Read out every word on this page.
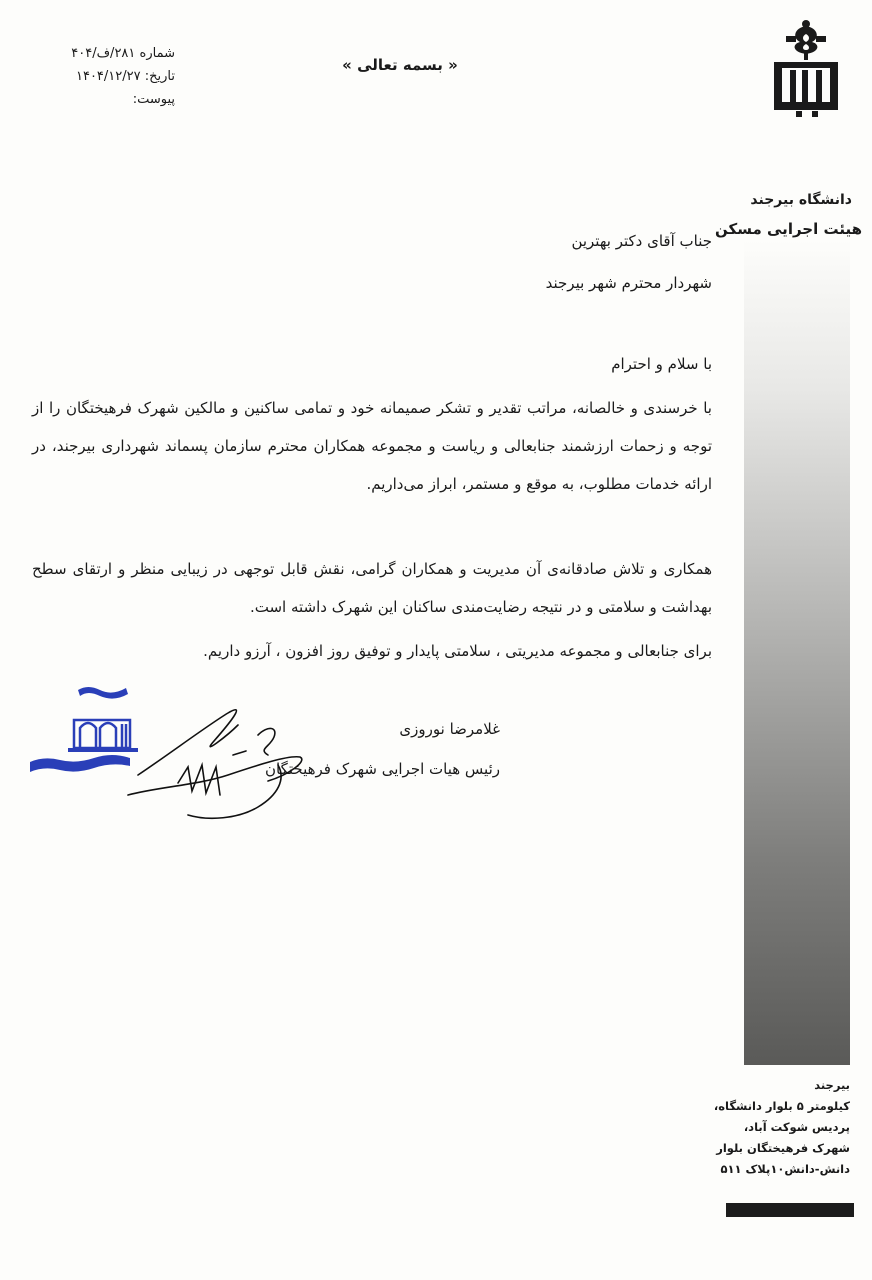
شماره ۲۸۱/ف/۴۰۴
تاریخ: ۱۴۰۴/۱۲/۲۷
پیوست:
« بسمه تعالی »
دانشگاه بیرجند
هیئت اجرایی مسکن
جناب آقای دکتر بهترین
شهردار محترم شهر بیرجند
با سلام و احترام
با خرسندی و خالصانه، مراتب تقدیر و تشکر صمیمانه خود و تمامی ساکنین و مالکین شهرک فرهیختگان را از توجه و زحمات ارزشمند جنابعالی و ریاست و مجموعه همکاران محترم سازمان پسماند شهرداری بیرجند، در ارائه خدمات مطلوب، به موقع و مستمر، ابراز می‌داریم.
همکاری و تلاش صادقانه‌ی آن مدیریت و همکاران گرامی، نقش قابل توجهی در زیبایی منظر و ارتقای سطح بهداشت و سلامتی و در نتیجه رضایت‌مندی ساکنان این شهرک داشته است.
برای جنابعالی و مجموعه مدیریتی ، سلامتی پایدار و توفیق روز افزون ، آرزو داریم.
غلامرضا نوروزی
رئیس هیات اجرایی شهرک فرهیختگان
بیرجند
کیلومتر ۵ بلوار دانشگاه،
پردیس شوکت آباد،
شهرک فرهیختگان بلوار
دانش-دانش۱۰پلاک ۵۱۱
